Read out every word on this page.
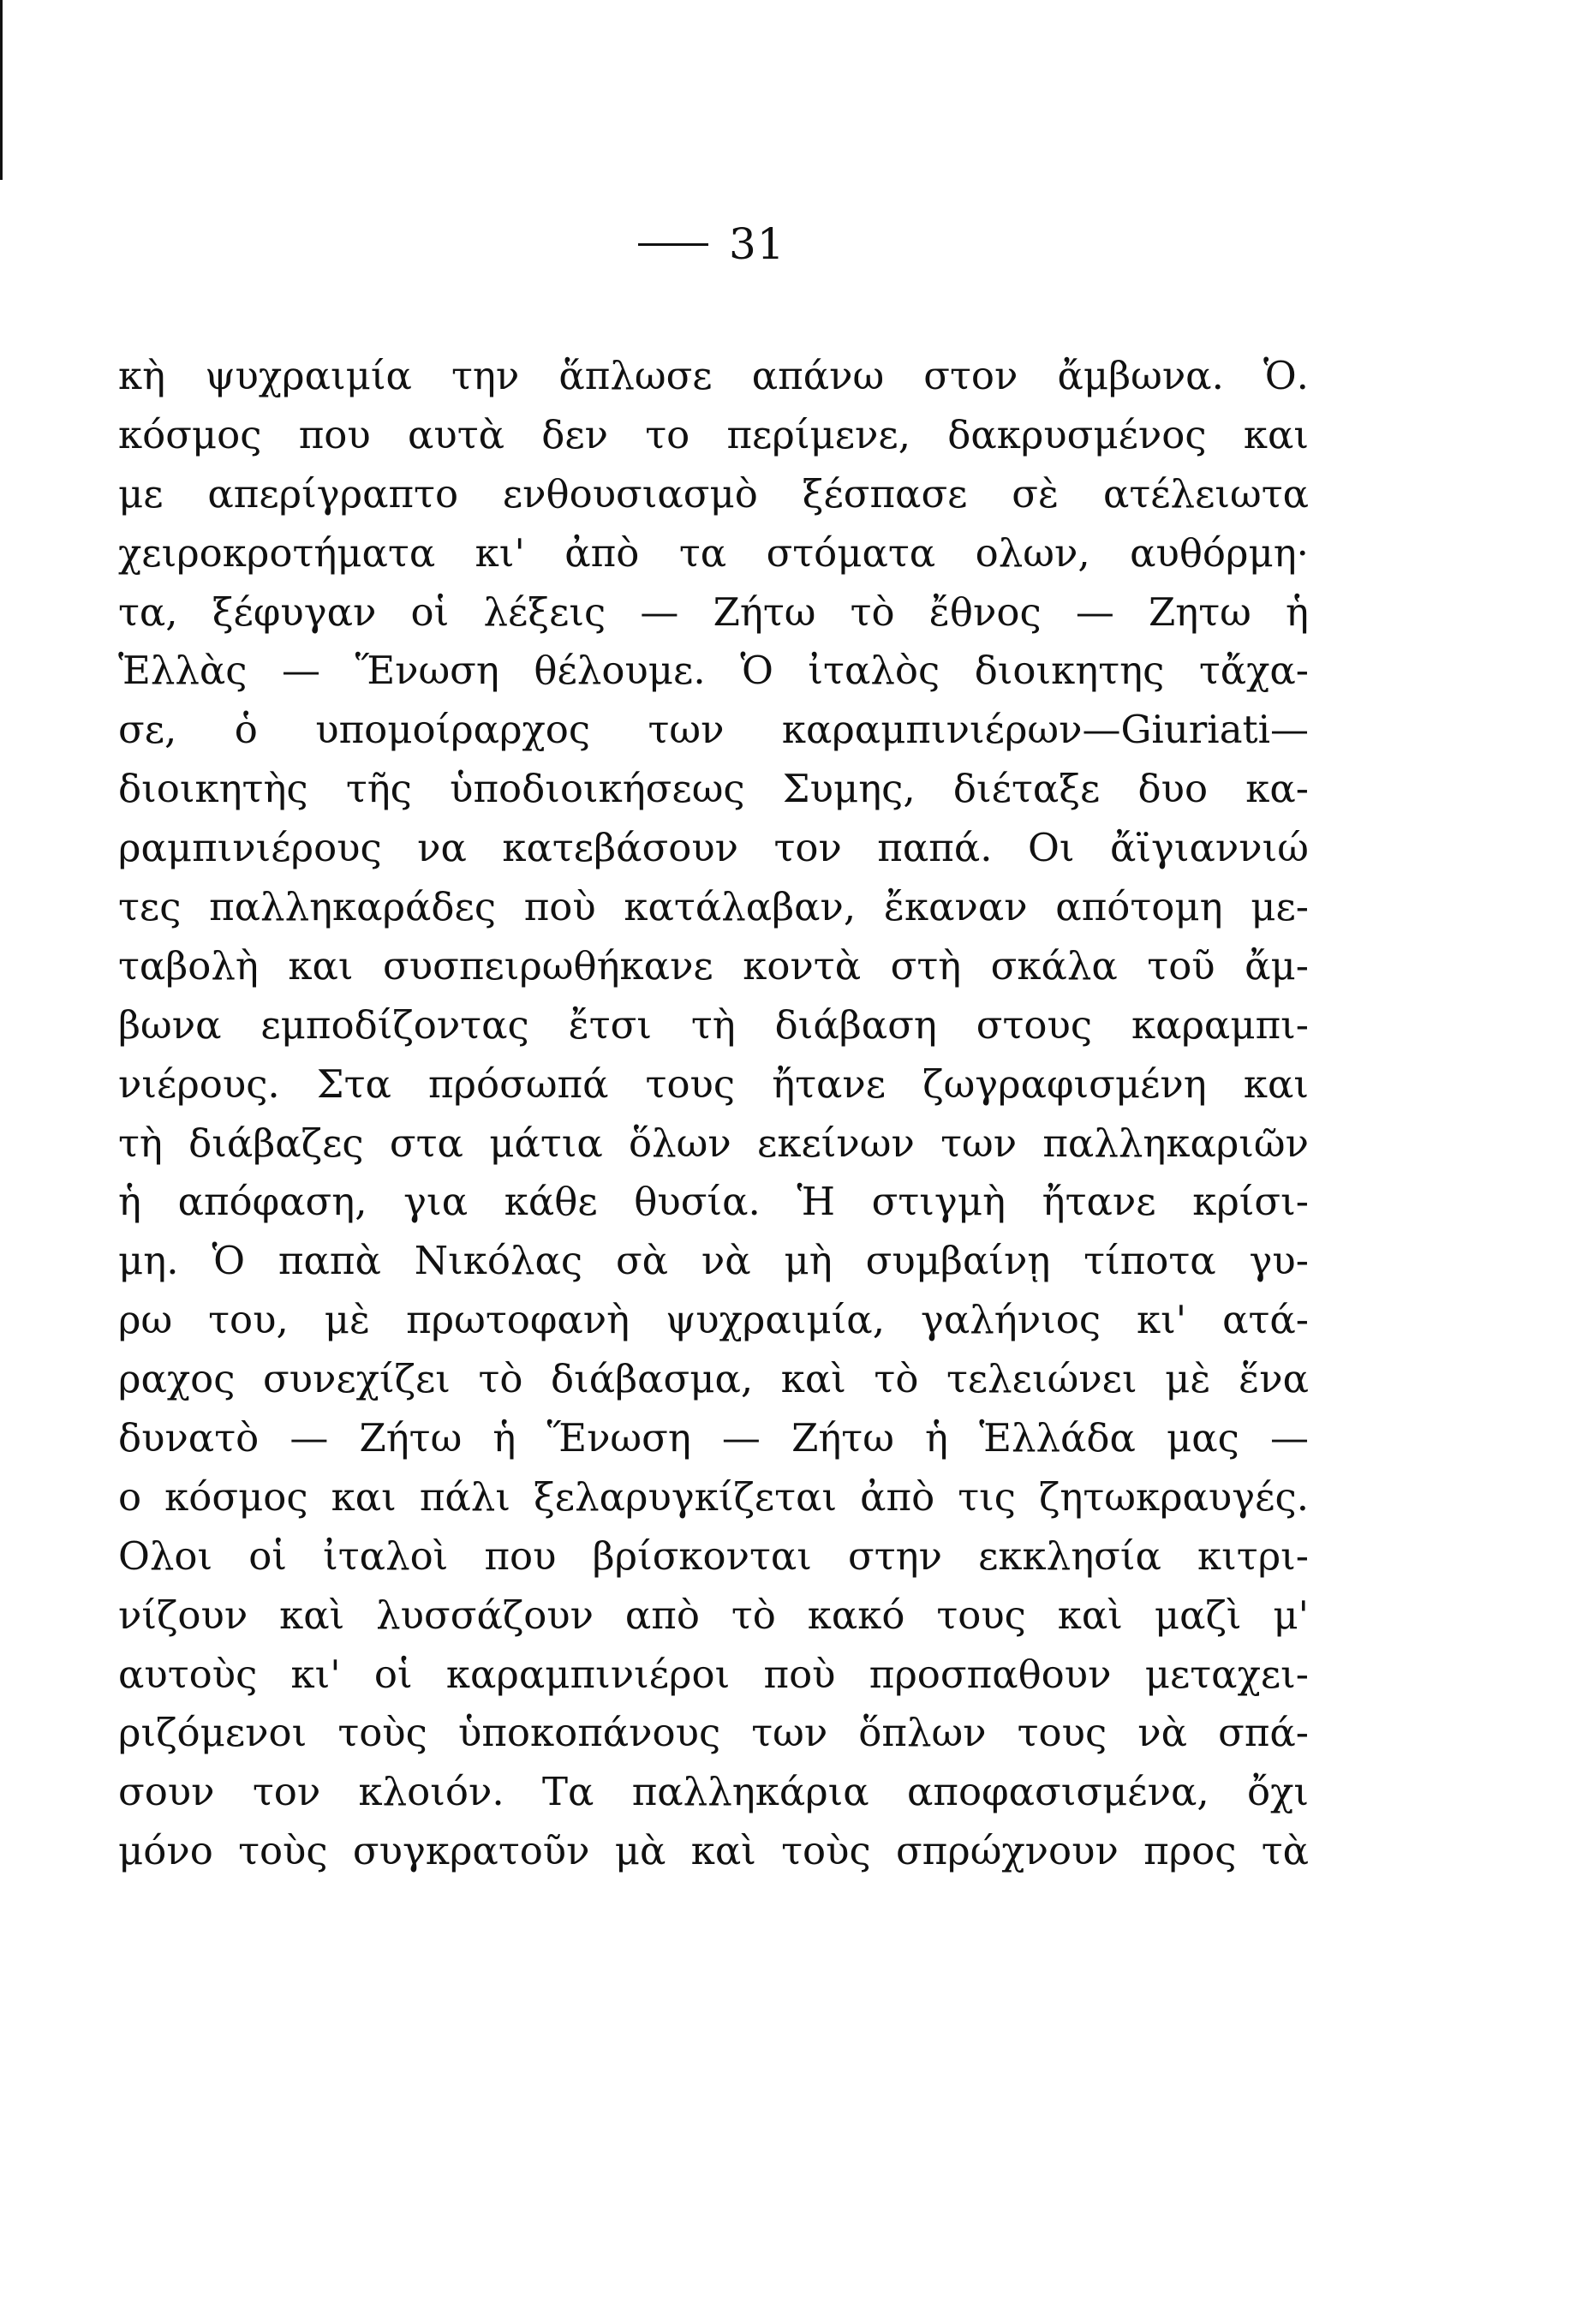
31
κὴ ψυχραιμία την ἅπλωσε απάνω στον ἄμβωνα. Ὁ.
κόσμος που αυτὰ δεν το περίμενε, δακρυσμένος και
με απερίγραπτο ενθουσιασμὸ ξέσπασε σὲ ατέλειωτα
χειροκροτήματα κι' ἀπὸ τα στόματα ολων, αυθόρμη·
τα, ξέφυγαν οἱ λέξεις — Ζήτω τὸ ἔθνος — Ζητω ἡ
Ἑλλὰς — Ἕνωση θέλουμε. Ὁ ἰταλὸς διοικητης τἄχα-
σε, ὁ υπομοίραρχος των καραμπινιέρων—Giuriati—
διοικητὴς τῆς ὑποδιοικήσεως Συμης, διέταξε δυο κα-
ραμπινιέρους να κατεβάσουν τον παπά. Οι ἄϊγιαννιώ
τες παλληκαράδες ποὺ κατάλαβαν, ἔκαναν απότομη με-
ταβολὴ και συσπειρωθήκανε κοντὰ στὴ σκάλα τοῦ ἄμ-
βωνα εμποδίζοντας ἔτσι τὴ διάβαση στους καραμπι-
νιέρους. Στα πρόσωπά τους ἤτανε ζωγραφισμένη και
τὴ διάβαζες στα μάτια ὅλων εκείνων των παλληκαριῶν
ἡ απόφαση, για κάθε θυσία. Ἡ στιγμὴ ἤτανε κρίσι-
μη. Ὁ παπὰ Νικόλας σὰ νὰ μὴ συμβαίνῃ τίποτα γυ-
ρω του, μὲ πρωτοφανὴ ψυχραιμία, γαλήνιος κι' ατά-
ραχος συνεχίζει τὸ διάβασμα, καὶ τὸ τελειώνει μὲ ἕνα
δυνατὸ — Ζήτω ἡ Ἕνωση — Ζήτω ἡ Ἑλλάδα μας —
ο κόσμος και πάλι ξελαρυγκίζεται ἀπὸ τις ζητωκραυγές.
Ολοι οἱ ἰταλοὶ που βρίσκονται στην εκκλησία κιτρι-
νίζουν καὶ λυσσάζουν απὸ τὸ κακό τους καὶ μαζὶ μ'
αυτοὺς κι' οἱ καραμπινιέροι ποὺ προσπαθουν μεταχει-
ριζόμενοι τοὺς ὑποκοπάνους των ὅπλων τους νὰ σπά-
σουν τον κλοιόν. Τα παλληκάρια αποφασισμένα, ὄχι
μόνο τοὺς συγκρατοῦν μὰ καὶ τοὺς σπρώχνουν προς τὰ
